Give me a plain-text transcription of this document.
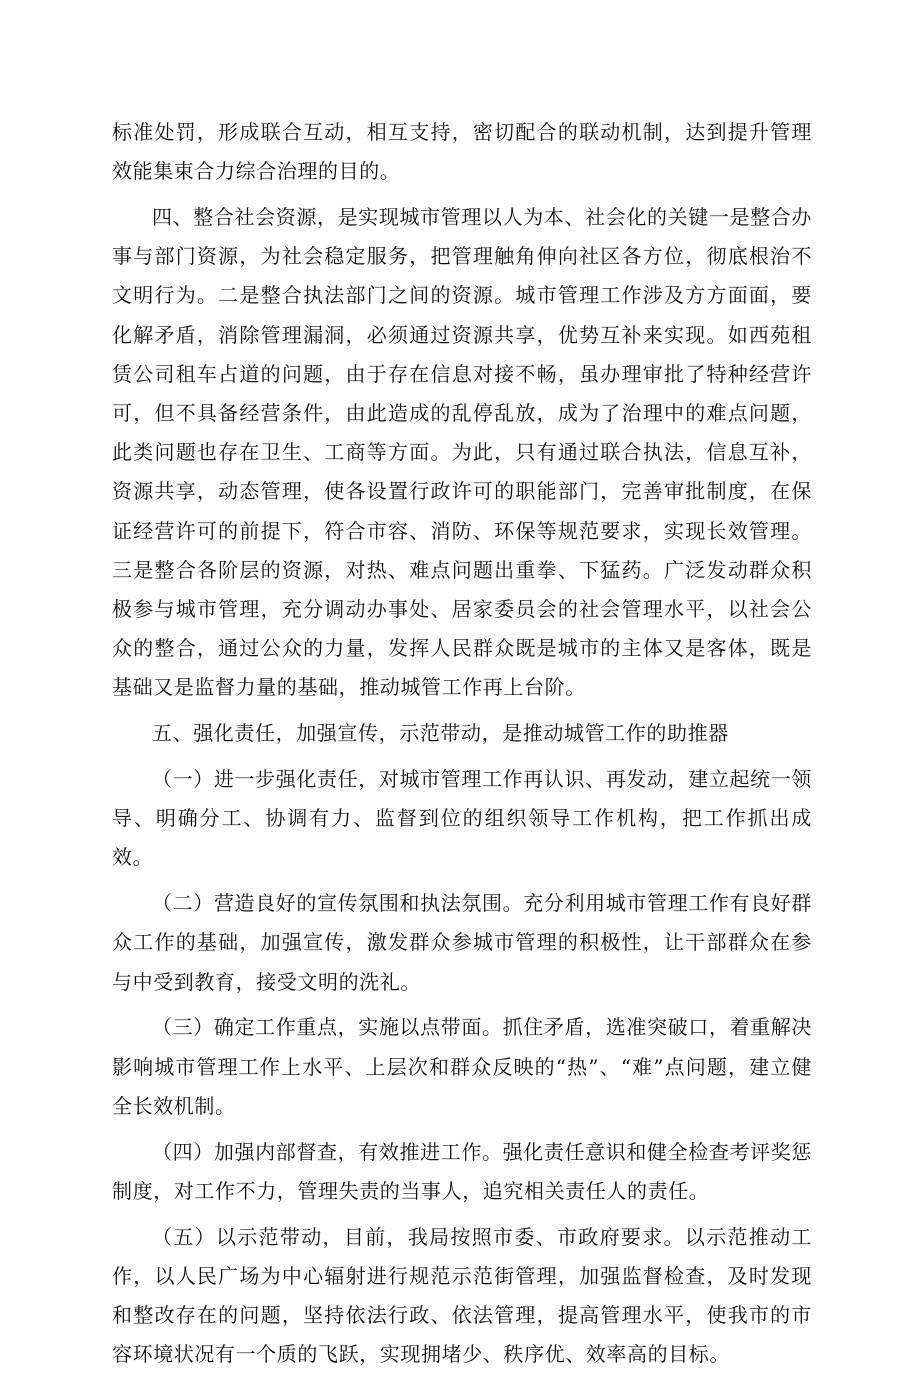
标准处罚，形成联合互动，相互支持，密切配合的联动机制，达到提升管理效能集束合力综合治理的目的。

四、整合社会资源，是实现城市管理以人为本、社会化的关键一是整合办事与部门资源，为社会稳定服务，把管理触角伸向社区各方位，彻底根治不文明行为。二是整合执法部门之间的资源。城市管理工作涉及方方面面，要化解矛盾，消除管理漏洞，必须通过资源共享，优势互补来实现。如西苑租赁公司租车占道的问题，由于存在信息对接不畅，虽办理审批了特种经营许可，但不具备经营条件，由此造成的乱停乱放，成为了治理中的难点问题，此类问题也存在卫生、工商等方面。为此，只有通过联合执法，信息互补，资源共享，动态管理，使各设置行政许可的职能部门，完善审批制度，在保证经营许可的前提下，符合市容、消防、环保等规范要求，实现长效管理。三是整合各阶层的资源，对热、难点问题出重拳、下猛药。广泛发动群众积极参与城市管理，充分调动办事处、居家委员会的社会管理水平，以社会公众的整合，通过公众的力量，发挥人民群众既是城市的主体又是客体，既是基础又是监督力量的基础，推动城管工作再上台阶。

五、强化责任，加强宣传，示范带动，是推动城管工作的助推器

（一）进一步强化责任，对城市管理工作再认识、再发动，建立起统一领导、明确分工、协调有力、监督到位的组织领导工作机构，把工作抓出成效。

（二）营造良好的宣传氛围和执法氛围。充分利用城市管理工作有良好群众工作的基础，加强宣传，激发群众参城市管理的积极性，让干部群众在参与中受到教育，接受文明的洗礼。

（三）确定工作重点，实施以点带面。抓住矛盾，选准突破口，着重解决影响城市管理工作上水平、上层次和群众反映的“热”、“难”点问题，建立健全长效机制。

（四）加强内部督查，有效推进工作。强化责任意识和健全检查考评奖惩制度，对工作不力，管理失责的当事人，追究相关责任人的责任。

（五）以示范带动，目前，我局按照市委、市政府要求。以示范推动工作，以人民广场为中心辐射进行规范示范街管理，加强监督检查，及时发现和整改存在的问题，坚持依法行政、依法管理，提高管理水平，使我市的市容环境状况有一个质的飞跃，实现拥堵少、秩序优、效率高的目标。
